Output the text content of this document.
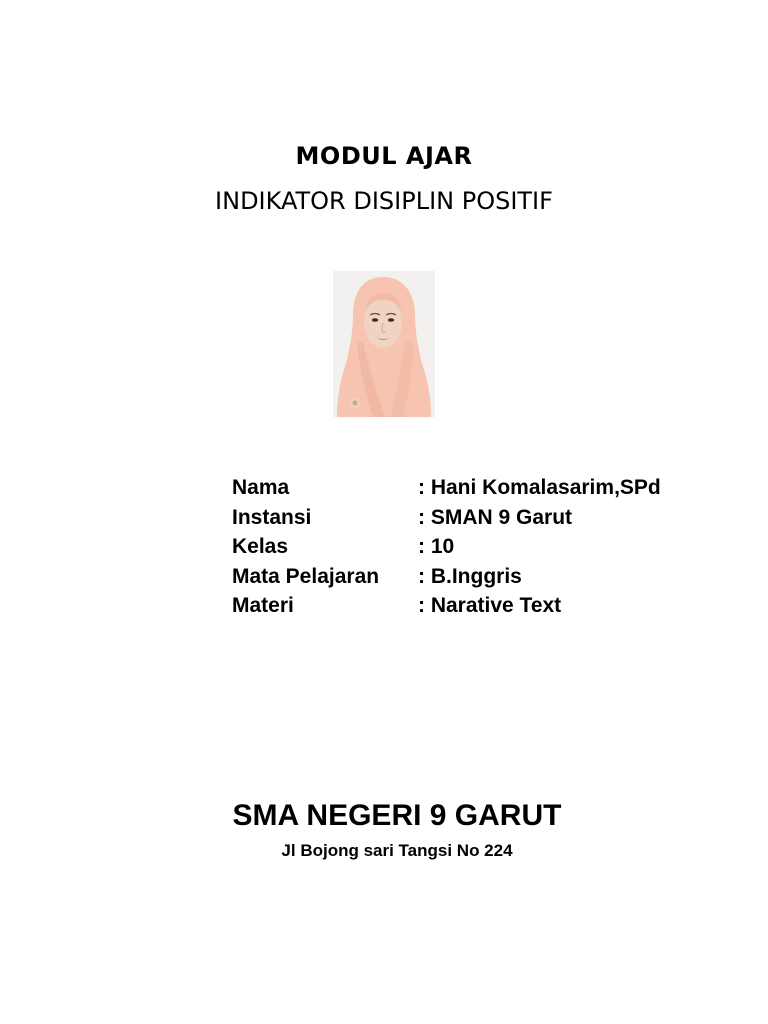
MODUL AJAR
INDIKATOR DISIPLIN POSITIF
Nama	: Hani Komalasarim,SPd
Instansi	: SMAN 9 Garut
Kelas	: 10
Mata Pelajaran	: B.Inggris
Materi	: Narative Text
SMA NEGERI 9 GARUT
Jl Bojong sari Tangsi No 224
